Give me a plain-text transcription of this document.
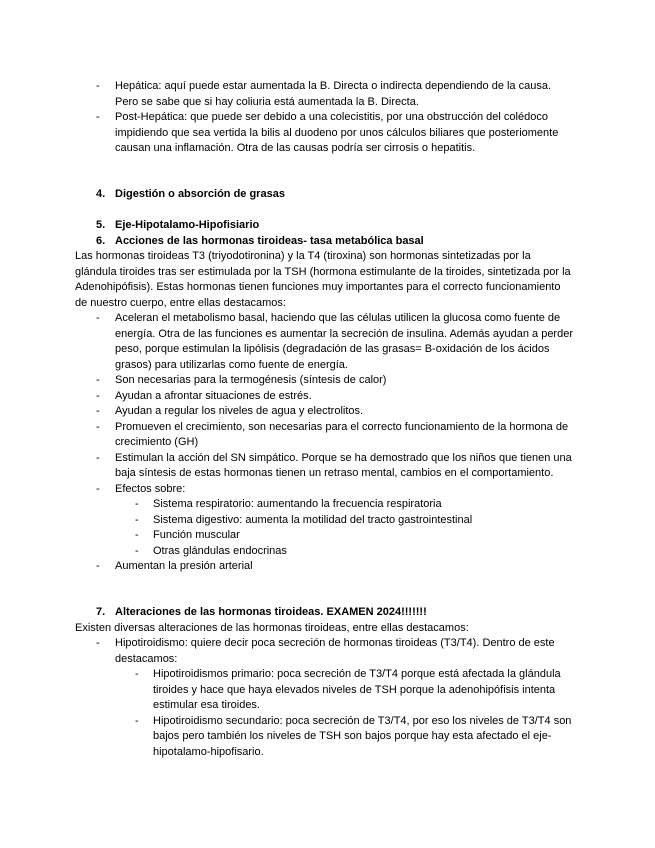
- Hepática: aquí puede estar aumentada la B. Directa o indirecta dependiendo de la causa. Pero se sabe que si hay coliuria está aumentada la B. Directa.
- Post-Hepática: que puede ser debido a una colecistitis, por una obstrucción del colédoco impidiendo que sea vertida la bilis al duodeno por unos cálculos biliares que posteriomente causan una inflamación. Otra de las causas podría ser cirrosis o hepatitis.
4. Digestión o absorción de grasas
5. Eje-Hipotalamo-Hipofisiario
6. Acciones de las hormonas tiroideas- tasa metabólica basal

Las hormonas tiroideas T3 (triyodotironina) y la T4 (tiroxina) son hormonas sintetizadas por la glándula tiroides tras ser estimulada por la TSH (hormona estimulante de la tiroides, sintetizada por la Adenohipófisis). Estas hormonas tienen funciones muy importantes para el correcto funcionamiento de nuestro cuerpo, entre ellas destacamos:

- Aceleran el metabolismo basal, haciendo que las células utilicen la glucosa como fuente de energía. Otra de las funciones es aumentar la secreción de insulina. Además ayudan a perder peso, porque estimulan la lipólisis (degradación de las grasas= B-oxidación de los ácidos grasos) para utilizarlas como fuente de energía.
- Son necesarias para la termogénesis (síntesis de calor)
- Ayudan a afrontar situaciones de estrés.
- Ayudan a regular los niveles de agua y electrolitos.
- Promueven el crecimiento, son necesarias para el correcto funcionamiento de la hormona de crecimiento (GH)
- Estimulan la acción del SN simpático. Porque se ha demostrado que los niños que tienen una baja síntesis de estas hormonas tienen un retraso mental, cambios en el comportamiento.
- Efectos sobre:
- Sistema respiratorio: aumentando la frecuencia respiratoria
- Sistema digestivo: aumenta la motilidad del tracto gastrointestinal
- Función muscular
- Otras glándulas endocrinas
- Aumentan la presión arterial
7. Alteraciones de las hormonas tiroideas. EXAMEN 2024!!!!!!!

Existen diversas alteraciones de las hormonas tiroideas, entre ellas destacamos:

- Hipotiroidismo: quiere decir poca secreción de hormonas tiroideas (T3/T4). Dentro de este destacamos:
- Hipotiroidismos primario: poca secreción de T3/T4 porque está afectada la glándula tiroides y hace que haya elevados niveles de TSH porque la adenohipófisis intenta estimular esa tiroides.
- Hipotiroidismo secundario: poca secreción de T3/T4, por eso los niveles de T3/T4 son bajos pero también los niveles de TSH son bajos porque hay esta afectado el eje-hipotalamo-hipofisario.
